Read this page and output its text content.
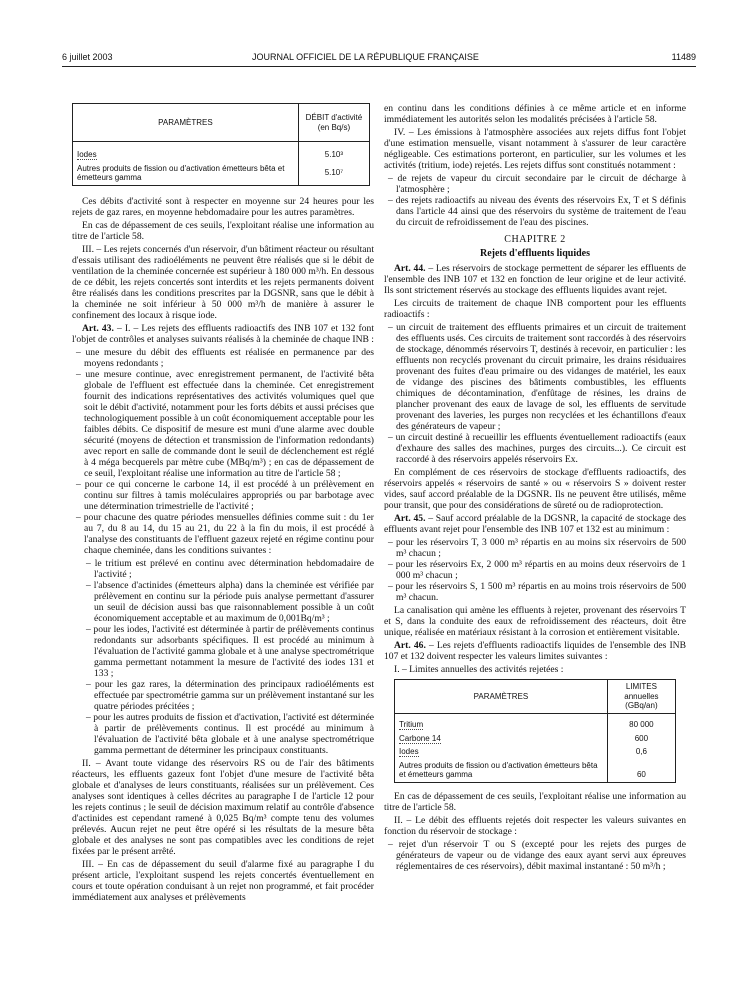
6 juillet 2003	JOURNAL OFFICIEL DE LA RÉPUBLIQUE FRANÇAISE	11489
PARAMÈTRES	DÉBIT d'activité (en Bq/s)
Iodes	5.10³
Autres produits de fission ou d'activation émetteurs bêta et émetteurs gamma	5.10⁷

Ces débits d'activité sont à respecter en moyenne sur 24 heures pour les rejets de gaz rares, en moyenne hebdomadaire pour les autres paramètres.

En cas de dépassement de ces seuils, l'exploitant réalise une information au titre de l'article 58.

III. – Les rejets concernés d'un réservoir, d'un bâtiment réacteur ou résultant d'essais utilisant des radioéléments ne peuvent être réalisés que si le débit de ventilation de la cheminée concernée est supérieur à 180 000 m³/h. En dessous de ce débit, les rejets concertés sont interdits et les rejets permanents doivent être réalisés dans les conditions prescrites par la DGSNR, sans que le débit à la cheminée ne soit inférieur à 50 000 m³/h de manière à assurer le confinement des locaux à risque iode.

Art. 43. – I. – Les rejets des effluents radioactifs des INB 107 et 132 font l'objet de contrôles et analyses suivants réalisés à la cheminée de chaque INB :

– une mesure du débit des effluents est réalisée en permanence par des moyens redondants ;
– une mesure continue, avec enregistrement permanent, de l'activité bêta globale de l'effluent est effectuée dans la cheminée. Cet enregistrement fournit des indications représentatives des activités volumiques quel que soit le débit d'activité, notamment pour les forts débits et aussi précises que technologiquement possible à un coût économiquement acceptable pour les faibles débits. Ce dispositif de mesure est muni d'une alarme avec double sécurité (moyens de détection et transmission de l'information redondants) avec report en salle de commande dont le seuil de déclenchement est réglé à 4 méga becquerels par mètre cube (MBq/m³) ; en cas de dépassement de ce seuil, l'exploitant réalise une information au titre de l'article 58 ;
– pour ce qui concerne le carbone 14, il est procédé à un prélèvement en continu sur filtres à tamis moléculaires appropriés ou par barbotage avec une détermination trimestrielle de l'activité ;
– pour chacune des quatre périodes mensuelles définies comme suit : du 1er au 7, du 8 au 14, du 15 au 21, du 22 à la fin du mois, il est procédé à l'analyse des constituants de l'effluent gazeux rejeté en régime continu pour chaque cheminée, dans les conditions suivantes :
– le tritium est prélevé en continu avec détermination hebdomadaire de l'activité ;
– l'absence d'actinides (émetteurs alpha) dans la cheminée est vérifiée par prélèvement en continu sur la période puis analyse permettant d'assurer un seuil de décision aussi bas que raisonnablement possible à un coût économiquement acceptable et au maximum de 0,001Bq/m³ ;
– pour les iodes, l'activité est déterminée à partir de prélèvements continus redondants sur adsorbants spécifiques. Il est procédé au minimum à l'évaluation de l'activité gamma globale et à une analyse spectrométrique gamma permettant notamment la mesure de l'activité des iodes 131 et 133 ;
– pour les gaz rares, la détermination des principaux radioéléments est effectuée par spectrométrie gamma sur un prélèvement instantané sur les quatre périodes précitées ;
– pour les autres produits de fission et d'activation, l'activité est déterminée à partir de prélèvements continus. Il est procédé au minimum à l'évaluation de l'activité bêta globale et à une analyse spectrométrique gamma permettant de déterminer les principaux constituants.

II. – Avant toute vidange des réservoirs RS ou de l'air des bâtiments réacteurs, les effluents gazeux font l'objet d'une mesure de l'activité bêta globale et d'analyses de leurs constituants, réalisées sur un prélèvement. Ces analyses sont identiques à celles décrites au paragraphe I de l'article 12 pour les rejets continus ; le seuil de décision maximum relatif au contrôle d'absence d'actinides est cependant ramené à 0,025 Bq/m³ compte tenu des volumes prélevés. Aucun rejet ne peut être opéré si les résultats de la mesure bêta globale et des analyses ne sont pas compatibles avec les conditions de rejet fixées par le présent arrêté.

III. – En cas de dépassement du seuil d'alarme fixé au paragraphe I du présent article, l'exploitant suspend les rejets concertés éventuellement en cours et toute opération conduisant à un rejet non programmé, et fait procéder immédiatement aux analyses et prélèvements

en continu dans les conditions définies à ce même article et en informe immédiatement les autorités selon les modalités précisées à l'article 58.

IV. – Les émissions à l'atmosphère associées aux rejets diffus font l'objet d'une estimation mensuelle, visant notamment à s'assurer de leur caractère négligeable. Ces estimations porteront, en particulier, sur les volumes et les activités (tritium, iode) rejetés. Les rejets diffus sont constitués notamment :

– de rejets de vapeur du circuit secondaire par le circuit de décharge à l'atmosphère ;
– des rejets radioactifs au niveau des évents des réservoirs Ex, T et S définis dans l'article 44 ainsi que des réservoirs du système de traitement de l'eau du circuit de refroidissement de l'eau des piscines.
CHAPITRE 2
Rejets d'effluents liquides

Art. 44. – Les réservoirs de stockage permettent de séparer les effluents de l'ensemble des INB 107 et 132 en fonction de leur origine et de leur activité. Ils sont strictement réservés au stockage des effluents liquides avant rejet.

Les circuits de traitement de chaque INB comportent pour les effluents radioactifs :

– un circuit de traitement des effluents primaires et un circuit de traitement des effluents usés. Ces circuits de traitement sont raccordés à des réservoirs de stockage, dénommés réservoirs T, destinés à recevoir, en particulier : les effluents non recyclés provenant du circuit primaire, les drains résiduaires provenant des fuites d'eau primaire ou des vidanges de matériel, les eaux de vidange des piscines des bâtiments combustibles, les effluents chimiques de décontamination, d'enfûtage de résines, les drains de plancher provenant des eaux de lavage de sol, les effluents de servitude provenant des laveries, les purges non recyclées et les échantillons d'eaux des générateurs de vapeur ;
– un circuit destiné à recueillir les effluents éventuellement radioactifs (eaux d'exhaure des salles des machines, purges des circuits...). Ce circuit est raccordé à des réservoirs appelés réservoirs Ex.

En complément de ces réservoirs de stockage d'effluents radioactifs, des réservoirs appelés « réservoirs de santé » ou « réservoirs S » doivent rester vides, sauf accord préalable de la DGSNR. Ils ne peuvent être utilisés, même pour transit, que pour des considérations de sûreté ou de radioprotection.

Art. 45. – Sauf accord préalable de la DGSNR, la capacité de stockage des effluents avant rejet pour l'ensemble des INB 107 et 132 est au minimum :

– pour les réservoirs T, 3 000 m³ répartis en au moins six réservoirs de 500 m³ chacun ;
– pour les réservoirs Ex, 2 000 m³ répartis en au moins deux réservoirs de 1 000 m³ chacun ;
– pour les réservoirs S, 1 500 m³ répartis en au moins trois réservoirs de 500 m³ chacun.

La canalisation qui amène les effluents à rejeter, provenant des réservoirs T et S, dans la conduite des eaux de refroidissement des réacteurs, doit être unique, réalisée en matériaux résistant à la corrosion et entièrement visitable.

Art. 46. – Les rejets d'effluents radioactifs liquides de l'ensemble des INB 107 et 132 doivent respecter les valeurs limites suivantes :

I. – Limites annuelles des activités rejetées :

PARAMÈTRES	LIMITES annuelles (GBq/an)
Tritium	80 000
Carbone 14	600
Iodes	0,6
Autres produits de fission ou d'activation émetteurs bêta et émetteurs gamma	60

En cas de dépassement de ces seuils, l'exploitant réalise une information au titre de l'article 58.

II. – Le débit des effluents rejetés doit respecter les valeurs suivantes en fonction du réservoir de stockage :

– rejet d'un réservoir T ou S (excepté pour les rejets des purges de générateurs de vapeur ou de vidange des eaux ayant servi aux épreuves réglementaires de ces réservoirs), débit maximal instantané : 50 m³/h ;
